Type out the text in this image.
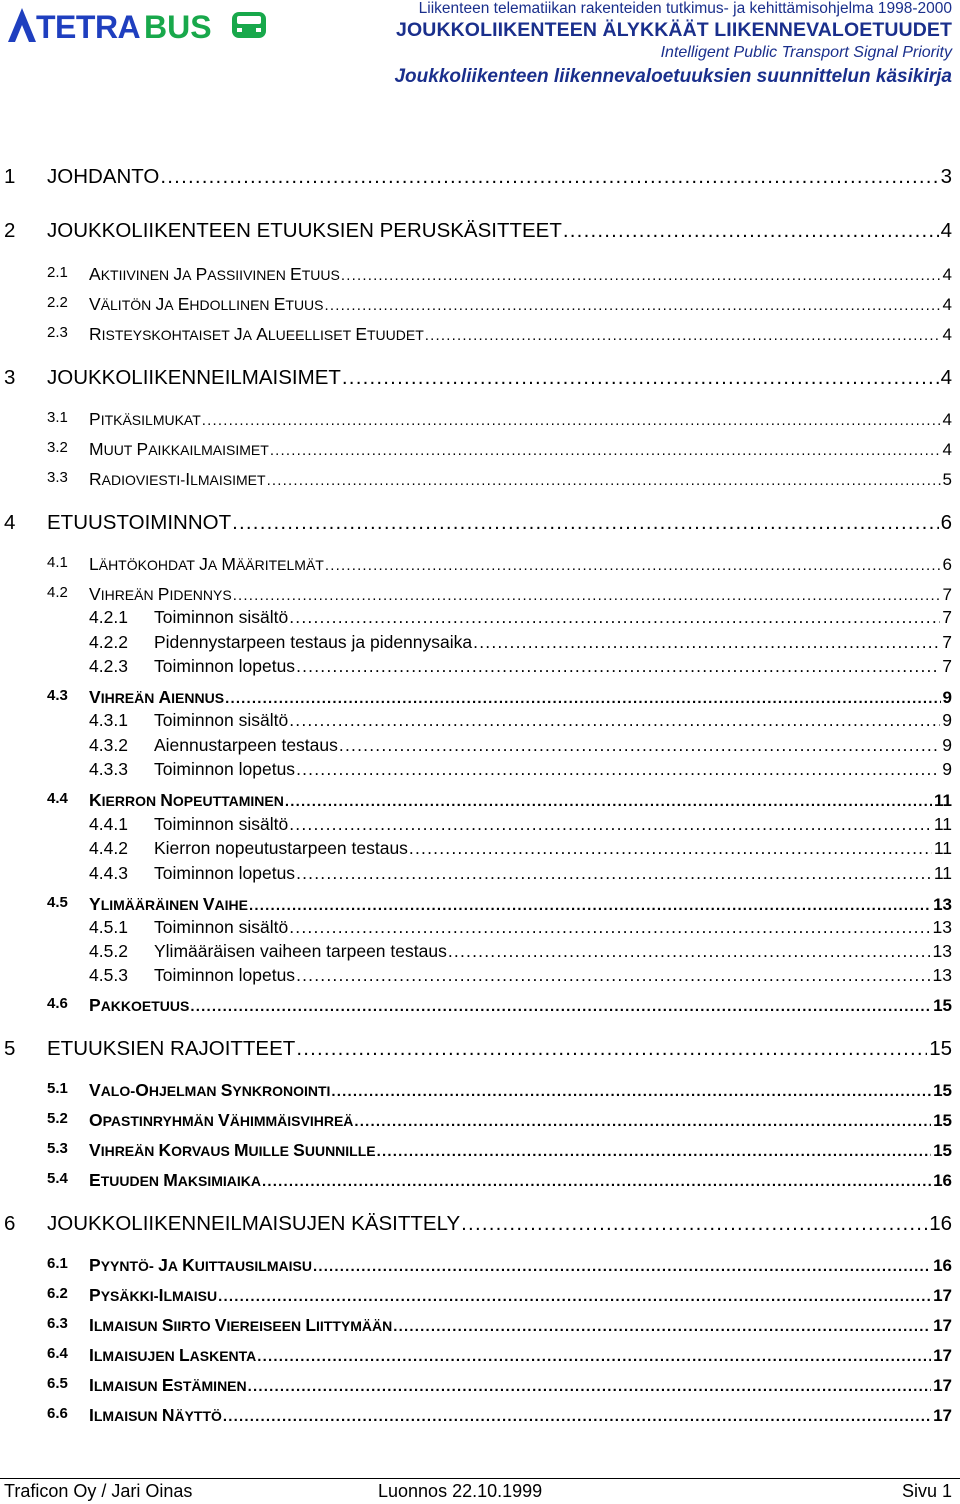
TETRA BUS
Liikenteen telematiikan rakenteiden tutkimus- ja kehittämisohjelma 1998-2000
JOUKKOLIIKENTEEN ÄLYKKÄÄT LIIKENNEVALOETUUDET
Intelligent Public Transport Signal Priority
Joukkoliikenteen liikennevaloetuuksien suunnittelun käsikirja
1 JOHDANTO .....	3
2 JOUKKOLIIKENTEEN ETUUKSIEN PERUSKÄSITTEET .....	4
2.1 AKTIIVINEN JA PASSIIVINEN ETUUS .....	4
2.2 VÄLITÖN JA EHDOLLINEN ETUUS .....	4
2.3 RISTEYSKOHTAISET JA ALUEELLISET ETUUDET .....	4
3 JOUKKOLIIKENNEILMAISIMET .....	4
3.1 PITKÄSILMUKAT .....	4
3.2 MUUT PAIKKAILMAISIMET .....	4
3.3 RADIOVIESTI-ILMAISIMET .....	5
4 ETUUSTOIMINNOT .....	6
4.1 LÄHTÖKOHDAT JA MÄÄRITELMÄT .....	6
4.2 VIHREÄN PIDENNYS .....	7
4.2.1 Toiminnon sisältö .....	7
4.2.2 Pidennystarpeen testaus ja pidennysaika .....	7
4.2.3 Toiminnon lopetus .....	7
4.3 VIHREÄN AIENNUS .....	9
4.3.1 Toiminnon sisältö .....	9
4.3.2 Aiennustarpeen testaus .....	9
4.3.3 Toiminnon lopetus .....	9
4.4 KIERRON NOPEUTTAMINEN .....	11
4.4.1 Toiminnon sisältö .....	11
4.4.2 Kierron nopeutustarpeen testaus .....	11
4.4.3 Toiminnon lopetus .....	11
4.5 YLIMÄÄRÄINEN VAIHE .....	13
4.5.1 Toiminnon sisältö .....	13
4.5.2 Ylimääräisen vaiheen tarpeen testaus .....	13
4.5.3 Toiminnon lopetus .....	13
4.6 PAKKOETUUS .....	15
5 ETUUKSIEN RAJOITTEET .....	15
5.1 VALO-OHJELMAN SYNKRONOINTI .....	15
5.2 OPASTINRYHMÄN VÄHIMMÄISVIHREÄ .....	15
5.3 VIHREÄN KORVAUS MUILLE SUUNNILLE .....	15
5.4 ETUUDEN MAKSIMIAIKA .....	16
6 JOUKKOLIIKENNEILMAISUJEN KÄSITTELY .....	16
6.1 PYYNTÖ- JA KUITTAUSILMAISU .....	16
6.2 PYSÄKKI-ILMAISU .....	17
6.3 ILMAISUN SIIRTO VIEREISEEN LIITTYMÄÄN .....	17
6.4 ILMAISUJEN LASKENTA .....	17
6.5 ILMAISUN ESTÄMINEN .....	17
6.6 ILMAISUN NÄYTTÖ .....	17
Traficon Oy / Jari Oinas	Luonnos 22.10.1999	Sivu 1
